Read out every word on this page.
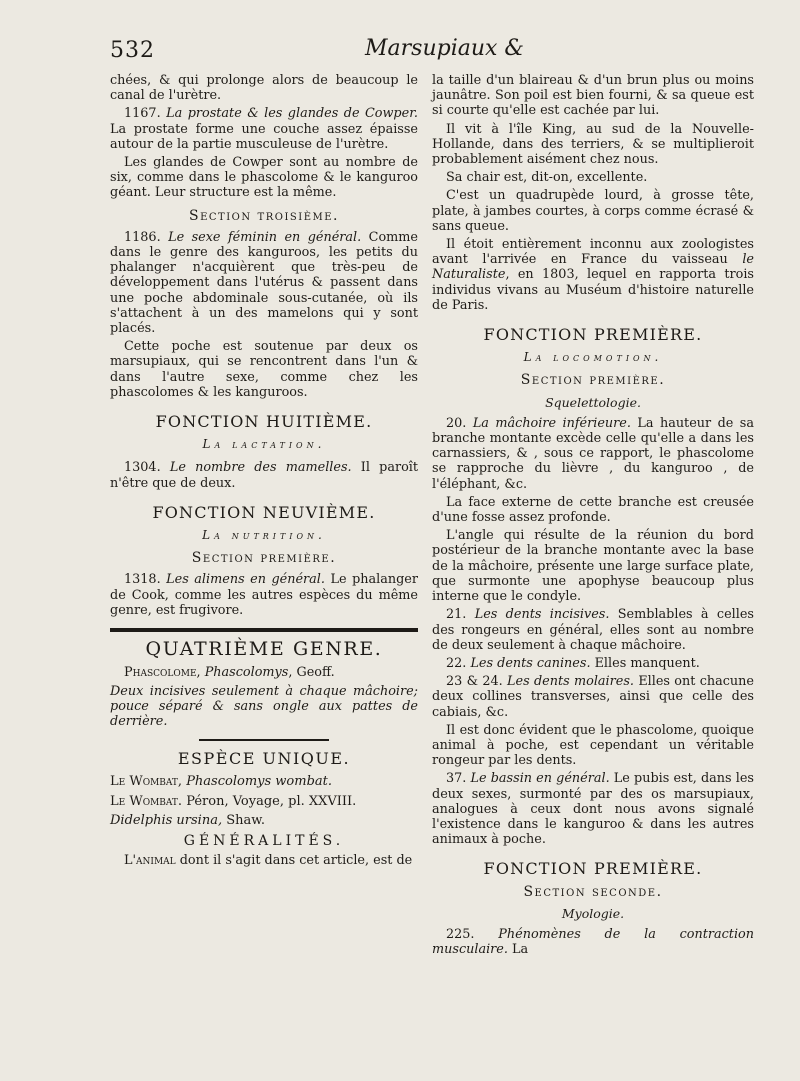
532	Marsupiaux &

chées, & qui prolonge alors de beaucoup le canal de l'urètre.

1167. La prostate & les glandes de Cowper. La prostate forme une couche assez épaisse autour de la partie musculeuse de l'urètre.

Les glandes de Cowper sont au nombre de six, comme dans le phascolome & le kanguroo géant. Leur structure est la même.

Section troisième.

1186. Le sexe féminin en général. Comme dans le genre des kanguroos, les petits du phalanger n'acquièrent que très-peu de développement dans l'utérus & passent dans une poche abdominale sous-cutanée, où ils s'attachent à un des mamelons qui y sont placés.

Cette poche est soutenue par deux os marsupiaux, qui se rencontrent dans l'un & dans l'autre sexe, comme chez les phascolomes & les kanguroos.

FONCTION HUITIÈME.
La lactation.

1304. Le nombre des mamelles. Il paroît n'être que de deux.

FONCTION NEUVIÈME.
La nutrition.
Section première.

1318. Les alimens en général. Le phalanger de Cook, comme les autres espèces du même genre, est frugivore.

QUATRIÈME GENRE.

Phascolome, Phascolomys, Geoff.

Deux incisives seulement à chaque mâchoire; pouce séparé & sans ongle aux pattes de derrière.

ESPÈCE UNIQUE.

Le Wombat, Phascolomys wombat.

Le Wombat. Péron, Voyage, pl. XXVIII.

Didelphis ursina, Shaw.

GÉNÉRALITÉS.

L'animal dont il s'agit dans cet article, est de

la taille d'un blaireau & d'un brun plus ou moins jaunâtre. Son poil est bien fourni, & sa queue est si courte qu'elle est cachée par lui.

Il vit à l'île King, au sud de la Nouvelle-Hollande, dans des terriers, & se multiplieroit probablement aisément chez nous.

Sa chair est, dit-on, excellente.

C'est un quadrupède lourd, à grosse tête, plate, à jambes courtes, à corps comme écrasé & sans queue.

Il étoit entièrement inconnu aux zoologistes avant l'arrivée en France du vaisseau le Naturaliste, en 1803, lequel en rapporta trois individus vivans au Muséum d'histoire naturelle de Paris.

FONCTION PREMIÈRE.
La locomotion.
Section première.
Squelettologie.

20. La mâchoire inférieure. La hauteur de sa branche montante excède celle qu'elle a dans les carnassiers, & , sous ce rapport, le phascolome se rapproche du lièvre , du kanguroo , de l'éléphant, &c.

La face externe de cette branche est creusée d'une fosse assez profonde.

L'angle qui résulte de la réunion du bord postérieur de la branche montante avec la base de la mâchoire, présente une large surface plate, que surmonte une apophyse beaucoup plus interne que le condyle.

21. Les dents incisives. Semblables à celles des rongeurs en général, elles sont au nombre de deux seulement à chaque mâchoire.

22. Les dents canines. Elles manquent.

23 & 24. Les dents molaires. Elles ont chacune deux collines transverses, ainsi que celle des cabiais, &c.

Il est donc évident que le phascolome, quoique animal à poche, est cependant un véritable rongeur par les dents.

37. Le bassin en général. Le pubis est, dans les deux sexes, surmonté par des os marsupiaux, analogues à ceux dont nous avons signalé l'existence dans le kanguroo & dans les autres animaux à poche.

FONCTION PREMIÈRE.
Section seconde.
Myologie.

225. Phénomènes de la contraction musculaire. La
